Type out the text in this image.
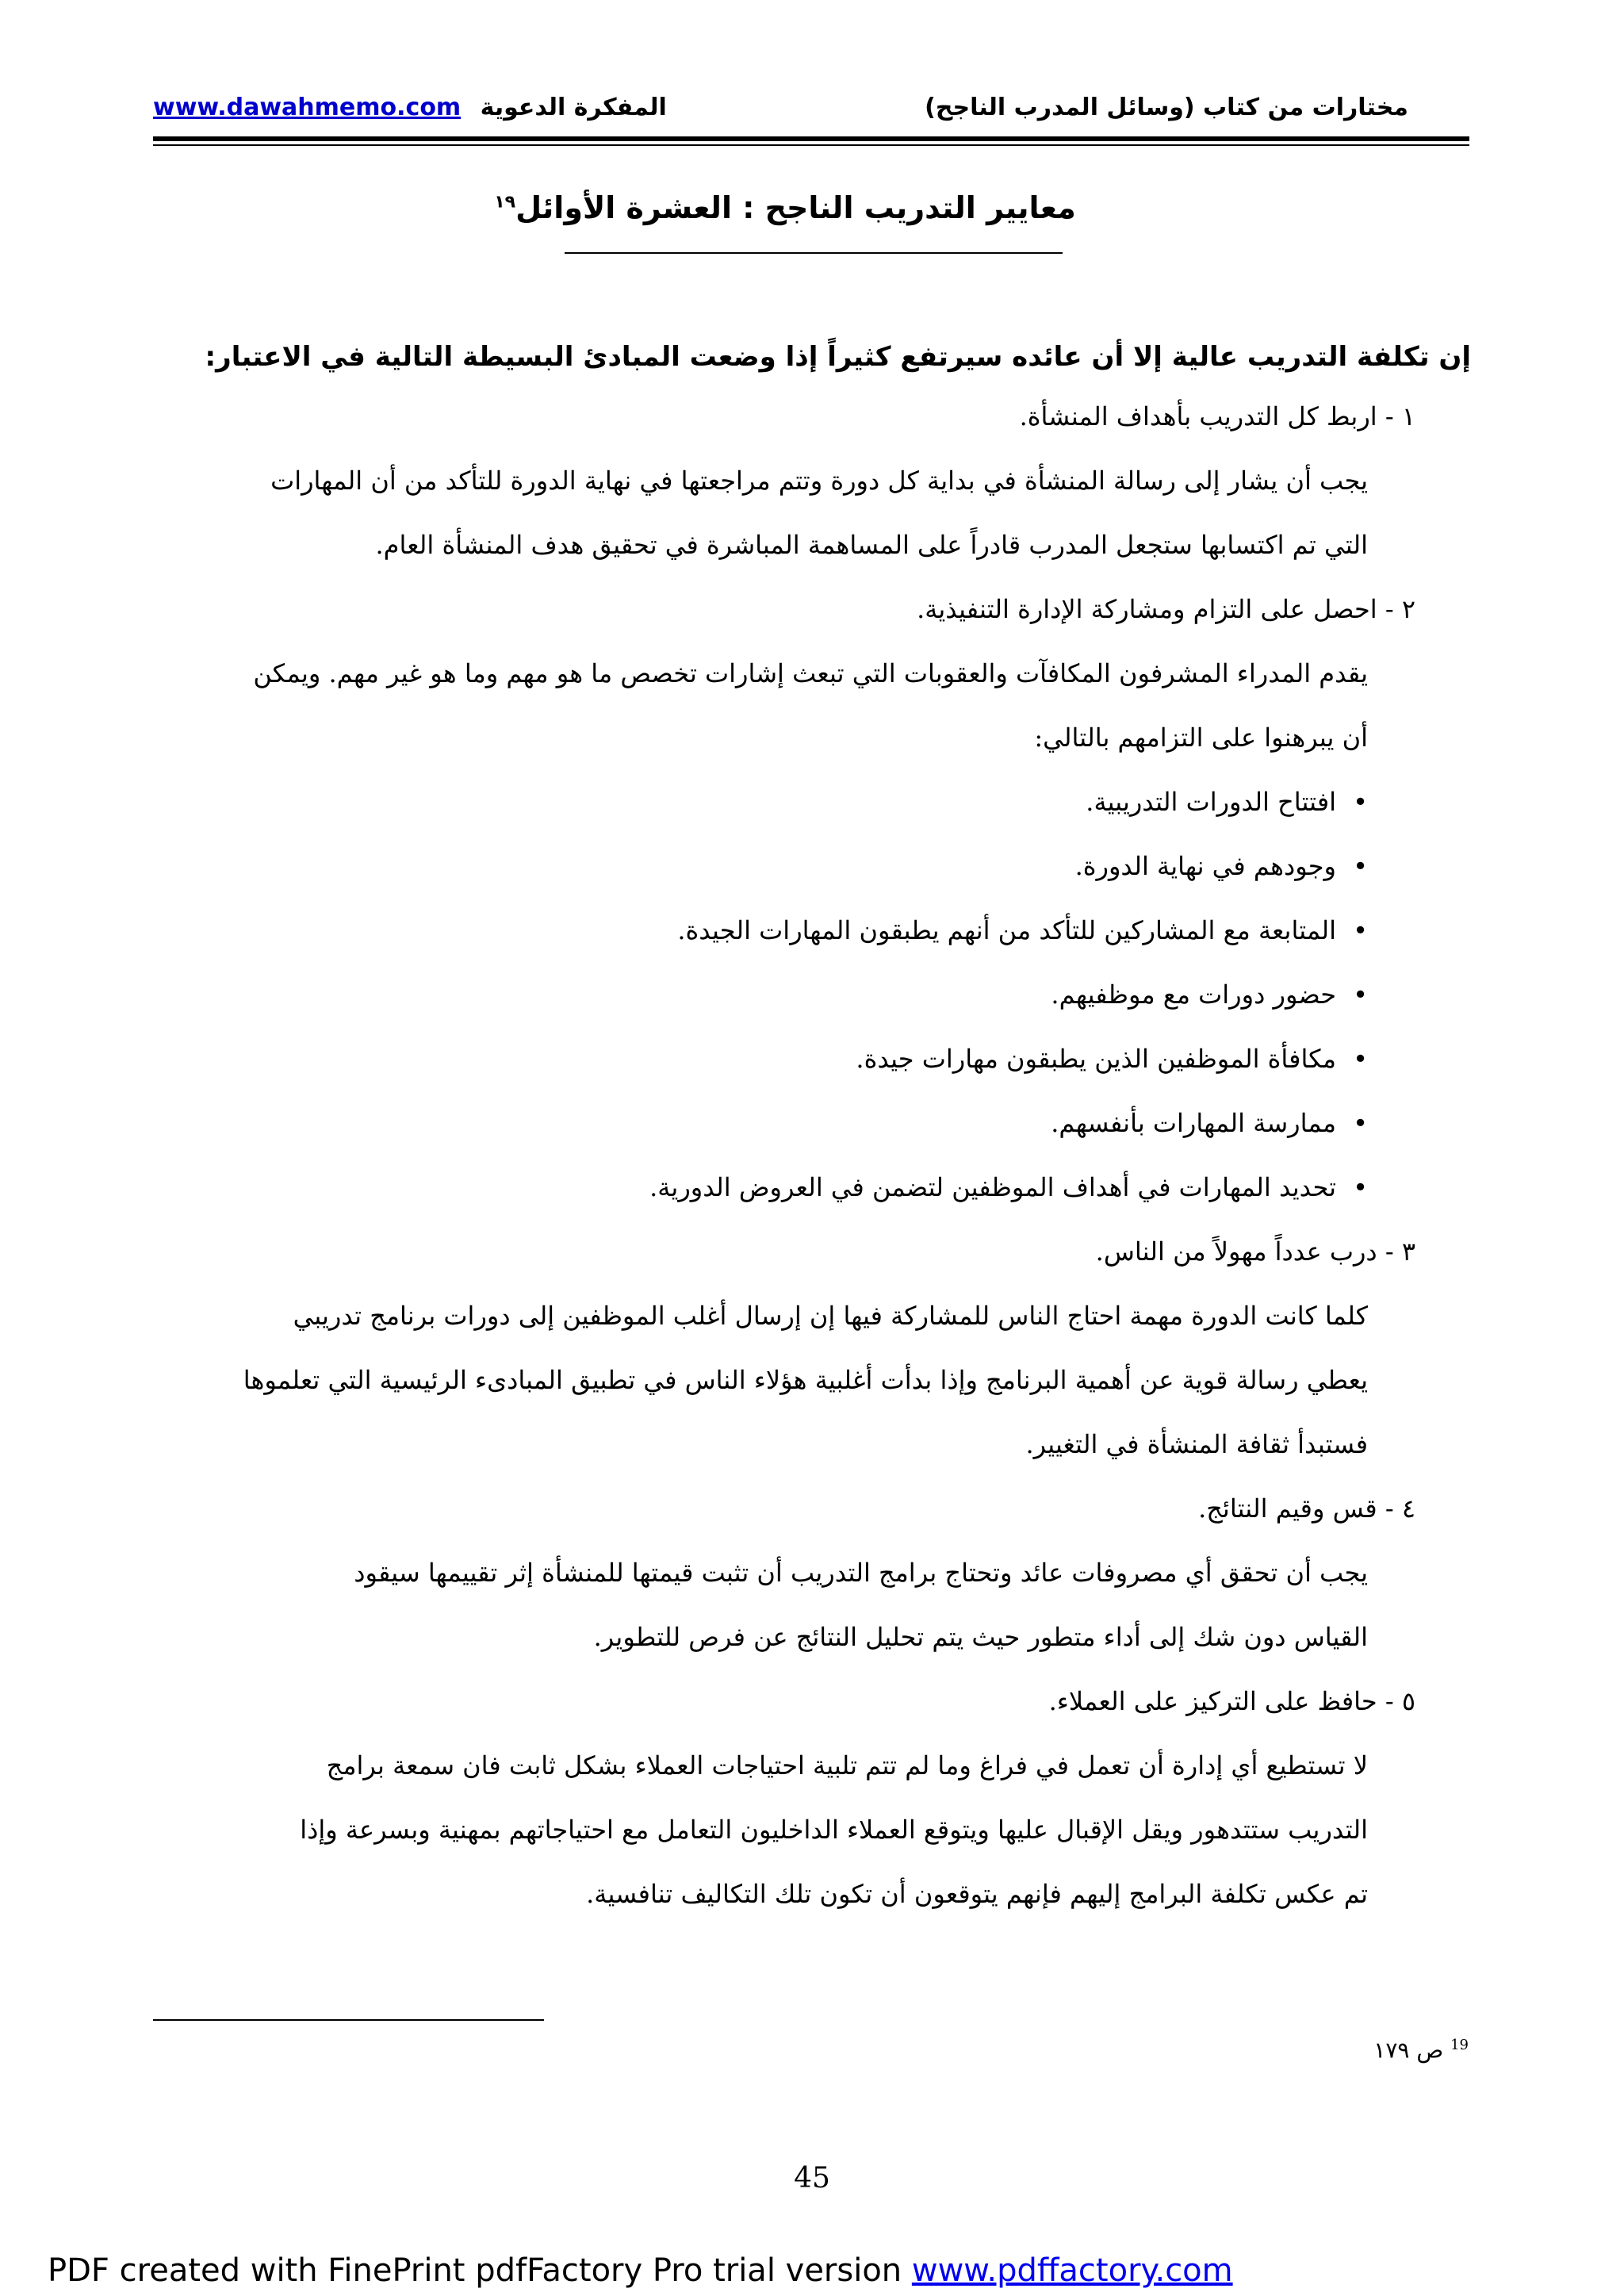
مختارات من كتاب (وسائل المدرب الناجح)
www.dawahmemo.com المفكرة الدعوية
معايير التدريب الناجح : العشرة الأوائل$^{١٩}$

إن تكلفة التدريب عالية إلا أن عائده سيرتفع كثيراً إذا وضعت المبادئ البسيطة التالية في الاعتبار:

١ - اربط كل التدريب بأهداف المنشأة.

يجب أن يشار إلى رسالة المنشأة في بداية كل دورة وتتم مراجعتها في نهاية الدورة للتأكد من أن المهارات

التي تم اكتسابها ستجعل المدرب قادراً على المساهمة المباشرة في تحقيق هدف المنشأة العام.

٢ - احصل على التزام ومشاركة الإدارة التنفيذية.

يقدم المدراء المشرفون المكافآت والعقوبات التي تبعث إشارات تخصص ما هو مهم وما هو غير مهم. ويمكن

أن يبرهنوا على التزامهم بالتالي:

•افتتاح الدورات التدريبية.

•وجودهم في نهاية الدورة.

•المتابعة مع المشاركين للتأكد من أنهم يطبقون المهارات الجيدة.

•حضور دورات مع موظفيهم.

•مكافأة الموظفين الذين يطبقون مهارات جيدة.

•ممارسة المهارات بأنفسهم.

•تحديد المهارات في أهداف الموظفين لتضمن في العروض الدورية.

٣ - درب عدداً مهولاً من الناس.

كلما كانت الدورة مهمة احتاج الناس للمشاركة فيها إن إرسال أغلب الموظفين إلى دورات برنامج تدريبي

يعطي رسالة قوية عن أهمية البرنامج وإذا بدأت أغلبية هؤلاء الناس في تطبيق المبادىء الرئيسية التي تعلموها

فستبدأ ثقافة المنشأة في التغيير.

٤ - قس وقيم النتائج.

يجب أن تحقق أي مصروفات عائد وتحتاج برامج التدريب أن تثبت قيمتها للمنشأة إثر تقييمها سيقود

القياس دون شك إلى أداء متطور حيث يتم تحليل النتائج عن فرص للتطوير.

٥ - حافظ على التركيز على العملاء.

لا تستطيع أي إدارة أن تعمل في فراغ وما لم تتم تلبية احتياجات العملاء بشكل ثابت فان سمعة برامج

التدريب ستتدهور ويقل الإقبال عليها ويتوقع العملاء الداخليون التعامل مع احتياجاتهم بمهنية وبسرعة وإذا

تم عكس تكلفة البرامج إليهم فإنهم يتوقعون أن تكون تلك التكاليف تنافسية.

$^{19}$ ص ١٧٩
45
PDF created with FinePrint pdfFactory Pro trial version www.pdffactory.com
